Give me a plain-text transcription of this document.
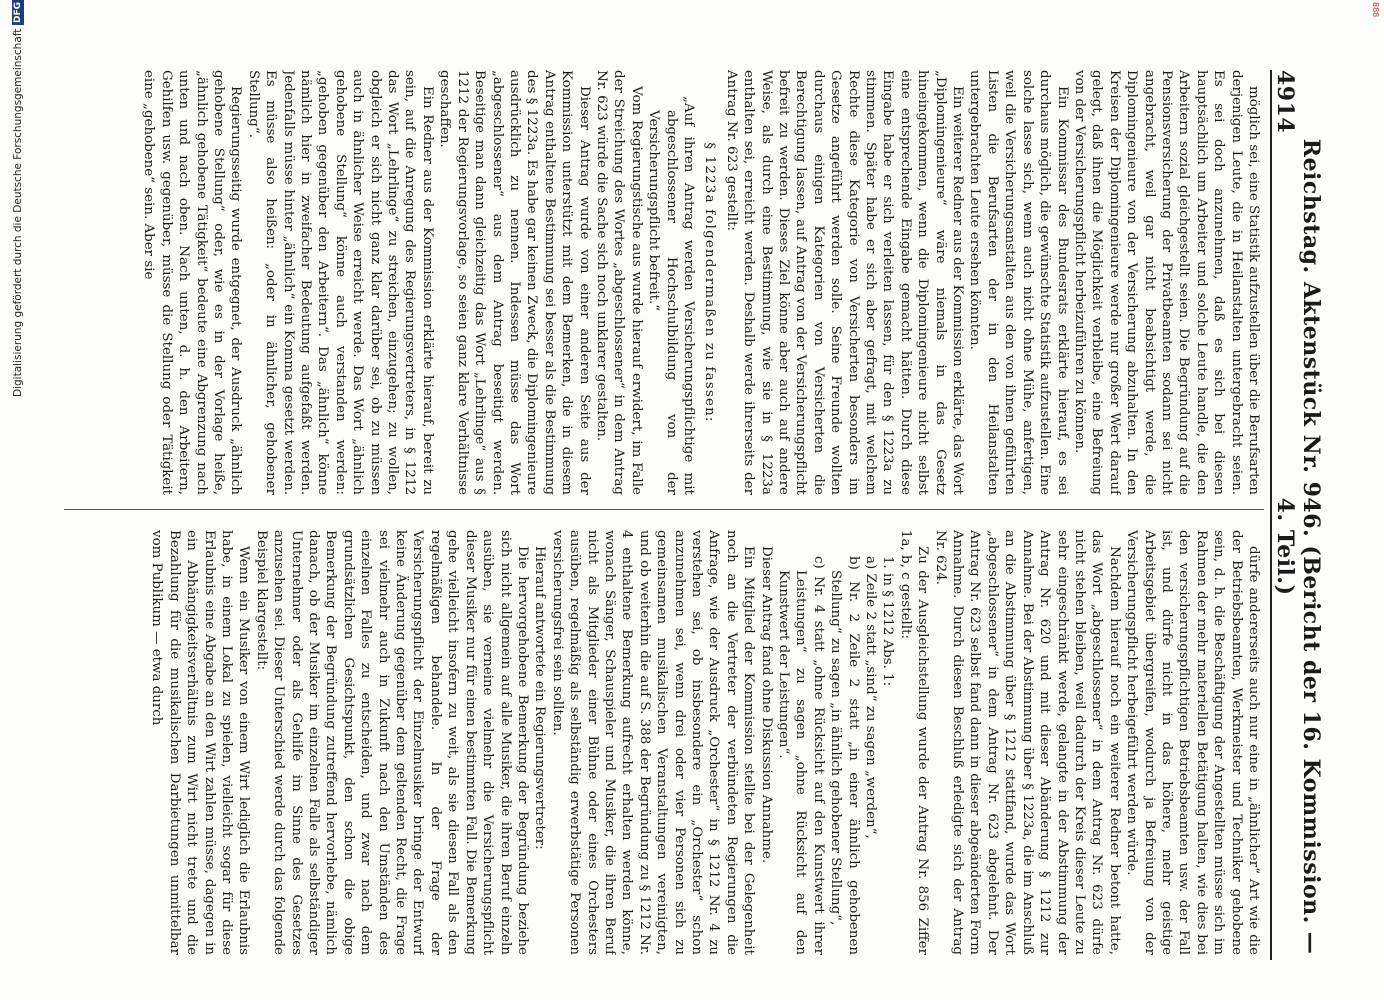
4914
Reichstag. Aktenstück Nr. 946. (Bericht der 16. Kommission. — 4. Teil.)

möglich sei, eine Statistik aufzustellen über die Berufsarten derjenigen Leute, die in Heilanstalten untergebracht seien. Es sei doch anzunehmen, daß es sich bei diesen hauptsächlich um Arbeiter und solche Leute handle, die den Arbeitern sozial gleichgestellt seien. Die Begründung auf die Pensionsversicherung der Privatbeamten sodann sei nicht angebracht, weil gar nicht beabsichtigt werde, die Diplomingenieure von der Versicherung abzuhalten. In den Kreisen der Diplomingenieure werde nur großer Wert darauf gelegt, daß ihnen die Möglichkeit verbleibe, eine Befreiung von der Versicherungspflicht herbeizuführen zu können.

Ein Kommissar des Bundesrats erklärte hierauf, es sei durchaus möglich, die gewünschte Statistik aufzustellen. Eine solche lasse sich, wenn auch nicht ohne Mühe, anfertigen, weil die Versicherungsanstalten aus den von ihnen geführten Listen die Berufsarten der in den Heilanstalten untergebrachten Leute ersehen könnten.

Ein weiterer Redner aus der Kommission erklärte, das Wort „Diplomingenieure“ wäre niemals in das Gesetz hineingekommen, wenn die Diplomingenieure nicht selbst eine entsprechende Eingabe gemacht hätten. Durch diese Eingabe habe er sich verleiten lassen, für den § 1223a zu stimmen. Später habe er sich aber gefragt, mit welchem Rechte diese Kategorie von Versicherten besonders im Gesetze angeführt werden solle. Seine Freunde wollten durchaus einigen Kategorien von Versicherten die Berechtigung lassen, auf Antrag von der Versicherungspflicht befreit zu werden. Dieses Ziel könne aber auch auf andere Weise, als durch eine Bestimmung, wie sie in § 1223a enthalten sei, erreicht werden. Deshalb werde ihrerseits der Antrag Nr. 623 gestellt:

§ 1223a folgendermaßen zu fassen:

„Auf ihren Antrag werden Versicherungspflichtige mit abgeschlossener Hochschulbildung von der Versicherungspflicht befreit.“

Vom Regierungstische aus wurde hierauf erwidert, im Falle der Streichung des Wortes „abgeschlossener“ in dem Antrag Nr. 623 würde die Sache sich noch unklarer gestalten.

Dieser Antrag wurde von einer anderen Seite aus der Kommission unterstützt mit dem Bemerken, die in diesem Antrag enthaltene Bestimmung sei besser als die Bestimmung des § 1223a. Es habe gar keinen Zweck, die Diplomingenieure ausdrücklich zu nennen. Indessen müsse das Wort „abgeschlossener“ aus dem Antrag beseitigt werden. Beseitige man dann gleichzeitig das Wort „Lehrlinge“ aus § 1212 der Regierungsvorlage, so seien ganz klare Verhältnisse geschaffen.

Ein Redner aus der Kommission erklärte hierauf, bereit zu sein, auf die Anregung des Regierungsvertreters, in § 1212 das Wort „Lehrlinge“ zu streichen, einzugehen; zu wollen, obgleich er sich nicht ganz klar darüber sei, ob zu müssen auch in ähnlicher Weise erreicht werde. Das Wort „ähnlich gehobene Stellung“ könne auch verstanden werden: „gehoben gegenüber den Arbeitern“. Das „ähnlich“ könne nämlich hier in zweifacher Bedeutung aufgefaßt werden. Jedenfalls müsse hinter „ähnlich“ ein Komma gesetzt werden. Es müsse also heißen: „oder in ähnlicher, gehobener Stellung“.

Regierungsseitig wurde entgegnet, der Ausdruck „ähnlich gehobene Stellung“ oder, wie es in der Vorlage heiße, „ähnlich gehobene Tätigkeit“ bedeute eine Abgrenzung nach unten und nach oben. Nach unten, d. h. den Arbeitern, Gehilfen usw. gegenüber, müsse die Stellung oder Tätigkeit eine „gehobene“ sein. Aber sie

dürfe andererseits auch nur eine in „ähnlicher“ Art wie die der Betriebsbeamten, Werkmeister und Techniker gehobene sein, d. h. die Beschäftigung der Angestellten müsse sich im Rahmen der mehr materiellen Betätigung halten, wie dies bei den versicherungspflichtigen Betriebsbeamten usw. der Fall ist, und dürfe nicht in das höhere, mehr geistige Arbeitsgebiet übergreifen, wodurch ja Befreiung von der Versicherungspflicht herbeigeführt werden würde.

Nachdem hierauf noch ein weiterer Redner betont hatte, das Wort „abgeschlossener“ in dem Antrag Nr. 623 dürfe nicht stehen bleiben, weil dadurch der Kreis dieser Leute zu sehr eingeschränkt werde, gelangte in der Abstimmung der Antrag Nr. 620 und mit dieser Abänderung § 1212 zur Annahme. Bei der Abstimmung über § 1223a, die im Anschluß an die Abstimmung über § 1212 stattfand, wurde das Wort „abgeschlossener“ in dem Antrag Nr. 623 abgelehnt. Der Antrag Nr. 623 selbst fand dann in dieser abgeänderten Form Annahme. Durch diesen Beschluß erledigte sich der Antrag Nr. 624.

Zu der Ausgleichstellung wurde der Antrag Nr. 856 Ziffer 1a, b, c gestellt:

1. in § 1212 Abs. 1:

a) Zeile 2 statt „sind“ zu sagen „werden“,

b) Nr. 2 Zeile 2 statt „in einer ähnlich gehobenen Stellung“ zu sagen „in ähnlich gehobener Stellung“,

c) Nr. 4 statt „ohne Rücksicht auf den Kunstwert ihrer Leistungen“ zu sagen „ohne Rücksicht auf den Kunstwert der Leistungen“.

Dieser Antrag fand ohne Diskussion Annahme.

Ein Mitglied der Kommission stellte bei der Gelegenheit noch an die Vertreter der verbündeten Regierungen die Anfrage, wie der Ausdruck „Orchester“ in § 1212 Nr. 4 zu verstehen sei, ob insbesondere ein „Orchester“ schon anzunehmen sei, wenn drei oder vier Personen sich zu gemeinsamen musikalischen Veranstaltungen vereinigten, und ob weiterhin die auf S. 388 der Begründung zu § 1212 Nr. 4 enthaltene Bemerkung aufrecht erhalten werden könne, wonach Sänger, Schauspieler und Musiker, die ihren Beruf nicht als Mitglieder einer Bühne oder eines Orchesters ausüben, regelmäßig als selbständig erwerbstätige Personen versicherungsfrei sein sollten.

Hierauf antwortete ein Regierungsvertreter:

Die hervorgehobene Bemerkung der Begründung beziehe sich nicht allgemein auf alle Musiker, die ihren Beruf einzeln ausüben, sie verneine vielmehr die Versicherungspflicht dieser Musiker nur für einen bestimmten Fall. Die Bemerkung gehe vielleicht insofern zu weit, als sie diesen Fall als den regelmäßigen behandele. In der Frage der Versicherungspflicht der Einzelmusiker bringe der Entwurf keine Änderung gegenüber dem geltenden Recht, die Frage sei vielmehr auch in Zukunft nach den Umständen des einzelnen Falles zu entscheiden, und zwar nach dem grundsätzlichen Gesichtspunkt, den schon die obige Bemerkung der Begründung zutreffend hervorhebe, nämlich danach, ob der Musiker im einzelnen Falle als selbständiger Unternehmer oder als Gehilfe im Sinne des Gesetzes anzusehen sei. Dieser Unterschied werde durch das folgende Beispiel klargestellt:

Wenn ein Musiker von einem Wirt lediglich die Erlaubnis habe, in einem Lokal zu spielen, vielleicht sogar für diese Erlaubnis eine Abgabe an den Wirt zahlen müsse, dagegen in ein Abhängigkeitsverhältnis zum Wirt nicht trete und die Bezahlung für die musikalischen Darbietungen unmittelbar vom Publikum — etwa durch

Digitalisierung gefördert durch die Deutsche Forschungsgemeinschaft
DFG	888
